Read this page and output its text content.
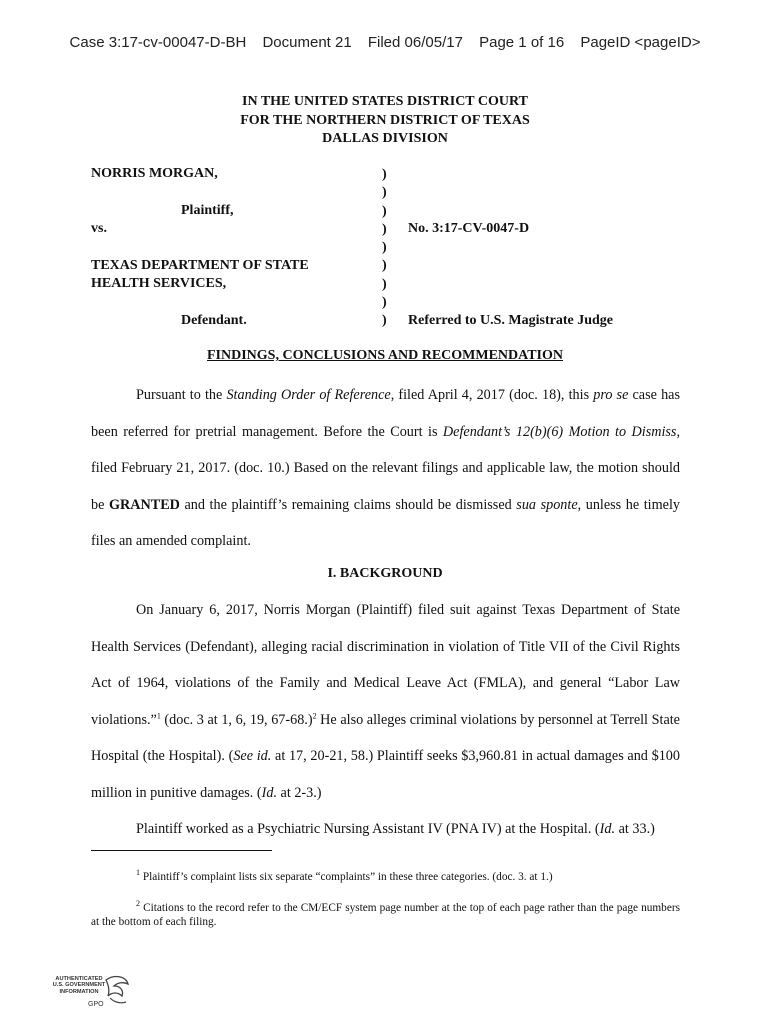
Case 3:17-cv-00047-D-BH Document 21 Filed 06/05/17 Page 1 of 16 PageID <pageID>
IN THE UNITED STATES DISTRICT COURT
FOR THE NORTHERN DISTRICT OF TEXAS
DALLAS DIVISION
NORRIS MORGAN,
Plaintiff,
vs.
TEXAS DEPARTMENT OF STATE
HEALTH SERVICES,
Defendant.
)
)
)
)
)
)
)
)
)
No. 3:17-CV-0047-D
Referred to U.S. Magistrate Judge
FINDINGS, CONCLUSIONS AND RECOMMENDATION

Pursuant to the Standing Order of Reference, filed April 4, 2017 (doc. 18), this pro se case has been referred for pretrial management. Before the Court is Defendant’s 12(b)(6) Motion to Dismiss, filed February 21, 2017. (doc. 10.) Based on the relevant filings and applicable law, the motion should be GRANTED and the plaintiff’s remaining claims should be dismissed sua sponte, unless he timely files an amended complaint.

I. BACKGROUND

On January 6, 2017, Norris Morgan (Plaintiff) filed suit against Texas Department of State Health Services (Defendant), alleging racial discrimination in violation of Title VII of the Civil Rights Act of 1964, violations of the Family and Medical Leave Act (FMLA), and general “Labor Law violations.”$^1$ (doc. 3 at 1, 6, 19, 67-68.)$^2$ He also alleges criminal violations by personnel at Terrell State Hospital (the Hospital). (See id. at 17, 20-21, 58.) Plaintiff seeks $3,960.81 in actual damages and $100 million in punitive damages. (Id. at 2-3.)

Plaintiff worked as a Psychiatric Nursing Assistant IV (PNA IV) at the Hospital. (Id. at 33.)

$^1$ Plaintiff’s complaint lists six separate “complaints” in these three categories. (doc. 3. at 1.)
$^2$ Citations to the record refer to the CM/ECF system page number at the top of each page rather than the page numbers at the bottom of each filing.
AUTHENTICATED
U.S. GOVERNMENT
INFORMATION
GPO
